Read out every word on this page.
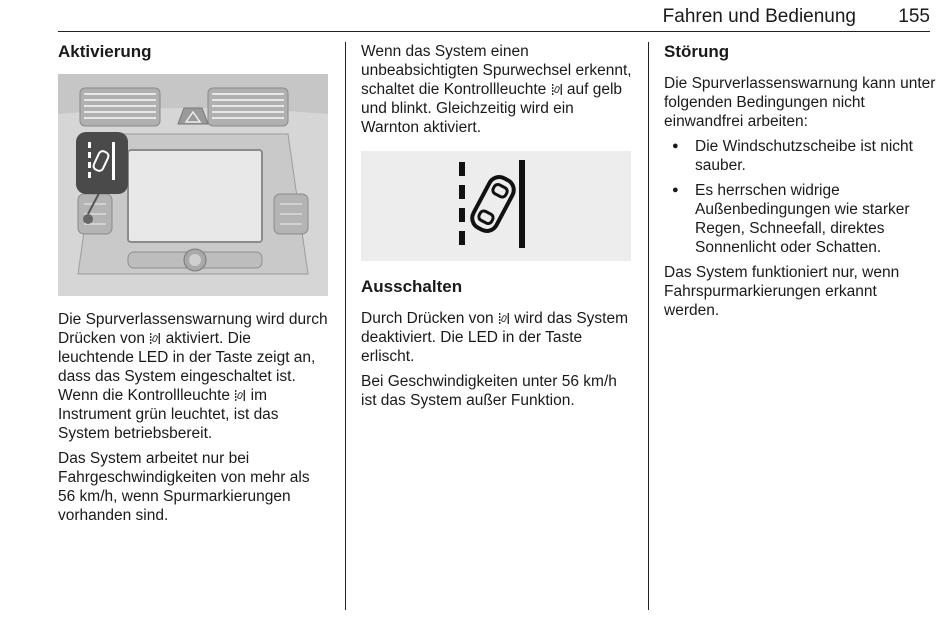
Fahren und Bedienung 155
Aktivierung

Die Spurverlassenswarnung wird durch Drücken von aktiviert. Die leuchtende LED in der Taste zeigt an, dass das System eingeschaltet ist. Wenn die Kontrollleuchte im Instrument grün leuchtet, ist das System betriebsbereit.

Das System arbeitet nur bei Fahrgeschwindigkeiten von mehr als 56 km/h, wenn Spurmarkierungen vorhanden sind.

Wenn das System einen unbeabsichtigten Spurwechsel erkennt, schaltet die Kontrollleuchte auf gelb und blinkt. Gleichzeitig wird ein Warnton aktiviert.

Ausschalten

Durch Drücken von wird das System deaktiviert. Die LED in der Taste erlischt.

Bei Geschwindigkeiten unter 56 km/h ist das System außer Funktion.

Störung

Die Spurverlassenswarnung kann unter folgenden Bedingungen nicht einwandfrei arbeiten:

● Die Windschutzscheibe ist nicht sauber.
● Es herrschen widrige Außenbedingungen wie starker Regen, Schneefall, direktes Sonnenlicht oder Schatten.

Das System funktioniert nur, wenn Fahrspurmarkierungen erkannt werden.
